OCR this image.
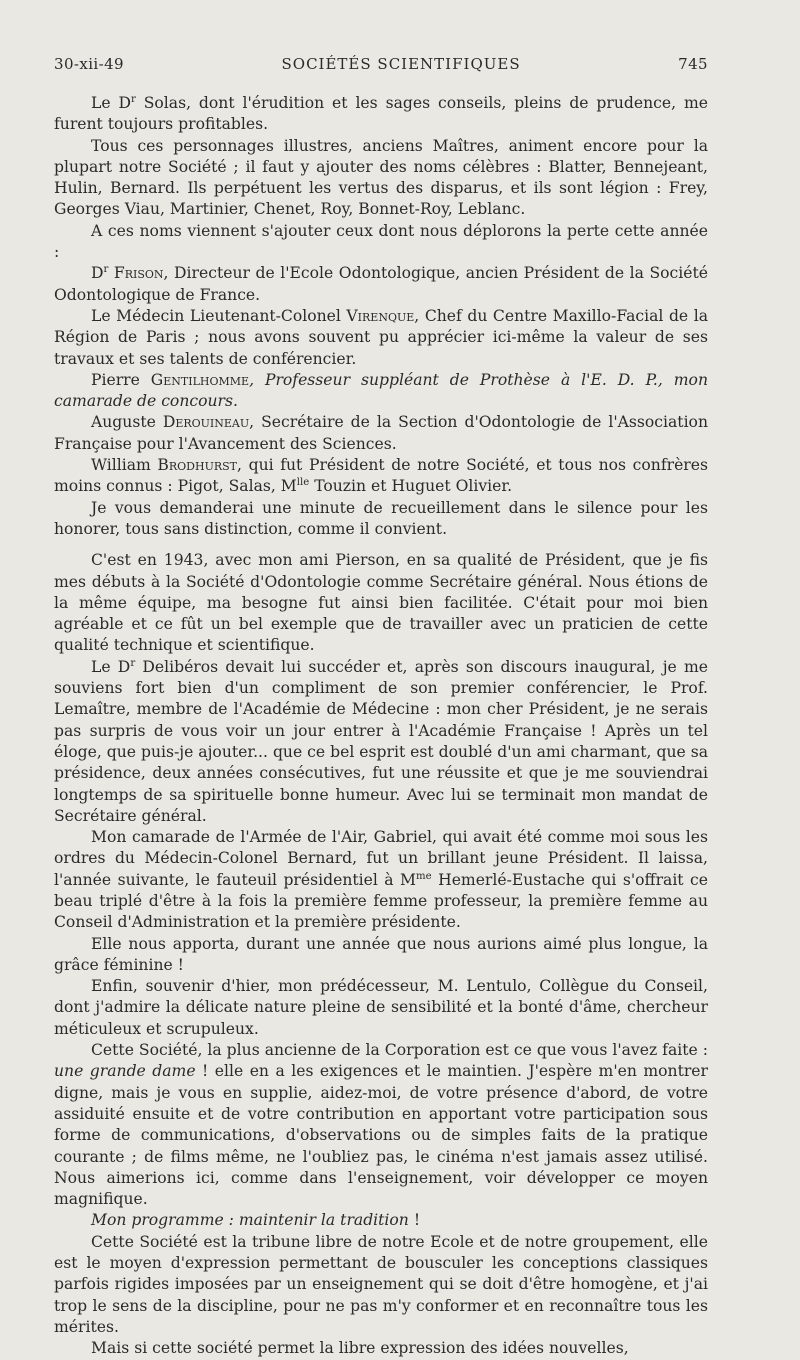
30-xii-49	SOCIÉTÉS SCIENTIFIQUES	745

Le $D^r$ Solas, dont l'érudition et les sages conseils, pleins de prudence, me furent toujours profitables.

Tous ces personnages illustres, anciens Maîtres, animent encore pour la plupart notre Société ; il faut y ajouter des noms célèbres : Blatter, Bennejeant, Hulin, Bernard. Ils perpétuent les vertus des disparus, et ils sont légion : Frey, Georges Viau, Martinier, Chenet, Roy, Bonnet-Roy, Leblanc.

A ces noms viennent s'ajouter ceux dont nous déplorons la perte cette année :

$D^r$ Frison, Directeur de l'Ecole Odontologique, ancien Président de la Société Odontologique de France.

Le Médecin Lieutenant-Colonel Virenque, Chef du Centre Maxillo-Facial de la Région de Paris ; nous avons souvent pu apprécier ici-même la valeur de ses travaux et ses talents de conférencier.

Pierre Gentilhomme, Professeur suppléant de Prothèse à l'E. D. P., mon camarade de concours.

Auguste Derouineau, Secrétaire de la Section d'Odontologie de l'Association Française pour l'Avancement des Sciences.

William Brodhurst, qui fut Président de notre Société, et tous nos confrères moins connus : Pigot, Salas, $M^{lle}$ Touzin et Huguet Olivier.

Je vous demanderai une minute de recueillement dans le silence pour les honorer, tous sans distinction, comme il convient.

C'est en 1943, avec mon ami Pierson, en sa qualité de Président, que je fis mes débuts à la Société d'Odontologie comme Secrétaire général. Nous étions de la même équipe, ma besogne fut ainsi bien facilitée. C'était pour moi bien agréable et ce fût un bel exemple que de travailler avec un praticien de cette qualité technique et scientifique.

Le $D^r$ Delibéros devait lui succéder et, après son discours inaugural, je me souviens fort bien d'un compliment de son premier conférencier, le Prof. Lemaître, membre de l'Académie de Médecine : mon cher Président, je ne serais pas surpris de vous voir un jour entrer à l'Académie Française ! Après un tel éloge, que puis-je ajouter... que ce bel esprit est doublé d'un ami charmant, que sa présidence, deux années consécutives, fut une réussite et que je me souviendrai longtemps de sa spirituelle bonne humeur. Avec lui se terminait mon mandat de Secrétaire général.

Mon camarade de l'Armée de l'Air, Gabriel, qui avait été comme moi sous les ordres du Médecin-Colonel Bernard, fut un brillant jeune Président. Il laissa, l'année suivante, le fauteuil présidentiel à $M^{me}$ Hemerlé-Eustache qui s'offrait ce beau triplé d'être à la fois la première femme professeur, la première femme au Conseil d'Administration et la première présidente.

Elle nous apporta, durant une année que nous aurions aimé plus longue, la grâce féminine !

Enfin, souvenir d'hier, mon prédécesseur, M. Lentulo, Collègue du Conseil, dont j'admire la délicate nature pleine de sensibilité et la bonté d'âme, chercheur méticuleux et scrupuleux.

Cette Société, la plus ancienne de la Corporation est ce que vous l'avez faite : une grande dame ! elle en a les exigences et le maintien. J'espère m'en montrer digne, mais je vous en supplie, aidez-moi, de votre présence d'abord, de votre assiduité ensuite et de votre contribution en apportant votre participation sous forme de communications, d'observations ou de simples faits de la pratique courante ; de films même, ne l'oubliez pas, le cinéma n'est jamais assez utilisé. Nous aimerions ici, comme dans l'enseignement, voir développer ce moyen magnifique.

Mon programme : maintenir la tradition !

Cette Société est la tribune libre de notre Ecole et de notre groupement, elle est le moyen d'expression permettant de bousculer les conceptions classiques parfois rigides imposées par un enseignement qui se doit d'être homogène, et j'ai trop le sens de la discipline, pour ne pas m'y conformer et en reconnaître tous les mérites.

Mais si cette société permet la libre expression des idées nouvelles,
